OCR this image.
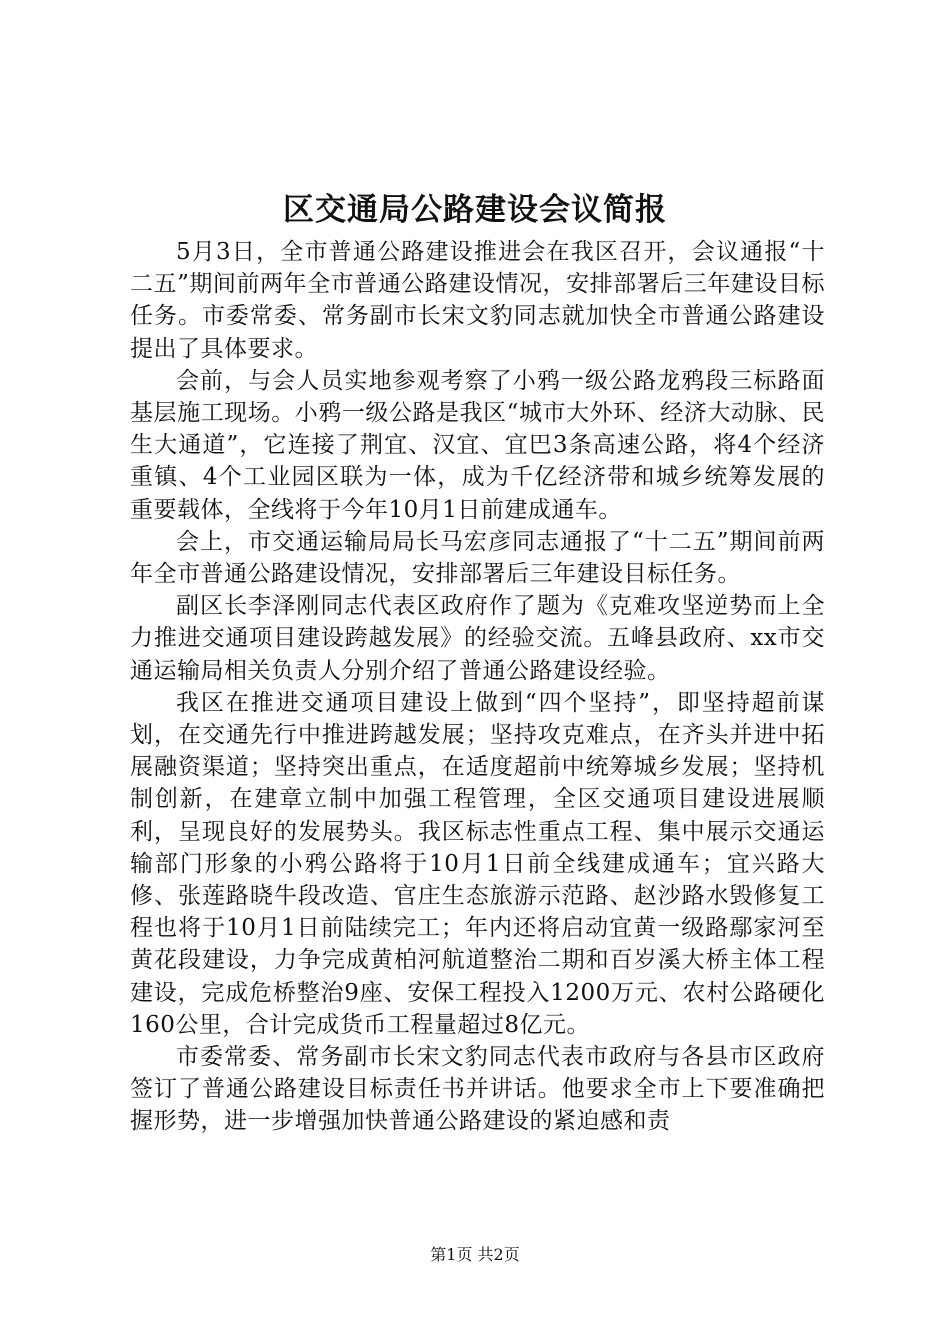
区交通局公路建设会议简报

5月3日，全市普通公路建设推进会在我区召开，会议通报“十二五”期间前两年全市普通公路建设情况，安排部署后三年建设目标任务。市委常委、常务副市长宋文豹同志就加快全市普通公路建设提出了具体要求。

会前，与会人员实地参观考察了小鸦一级公路龙鸦段三标路面基层施工现场。小鸦一级公路是我区“城市大外环、经济大动脉、民生大通道”，它连接了荆宜、汉宜、宜巴3条高速公路，将4个经济重镇、4个工业园区联为一体，成为千亿经济带和城乡统筹发展的重要载体，全线将于今年10月1日前建成通车。

会上，市交通运输局局长马宏彦同志通报了“十二五”期间前两年全市普通公路建设情况，安排部署后三年建设目标任务。

副区长李泽刚同志代表区政府作了题为《克难攻坚逆势而上全力推进交通项目建设跨越发展》的经验交流。五峰县政府、xx市交通运输局相关负责人分别介绍了普通公路建设经验。

我区在推进交通项目建设上做到“四个坚持”，即坚持超前谋划，在交通先行中推进跨越发展；坚持攻克难点，在齐头并进中拓展融资渠道；坚持突出重点，在适度超前中统筹城乡发展；坚持机制创新，在建章立制中加强工程管理，全区交通项目建设进展顺利，呈现良好的发展势头。我区标志性重点工程、集中展示交通运输部门形象的小鸦公路将于10月1日前全线建成通车；宜兴路大修、张莲路晓牛段改造、官庄生态旅游示范路、赵沙路水毁修复工程也将于10月1日前陆续完工；年内还将启动宜黄一级路鄢家河至黄花段建设，力争完成黄柏河航道整治二期和百岁溪大桥主体工程建设，完成危桥整治9座、安保工程投入1200万元、农村公路硬化160公里，合计完成货币工程量超过8亿元。

市委常委、常务副市长宋文豹同志代表市政府与各县市区政府签订了普通公路建设目标责任书并讲话。他要求全市上下要准确把握形势，进一步增强加快普通公路建设的紧迫感和责

第1页 共2页
